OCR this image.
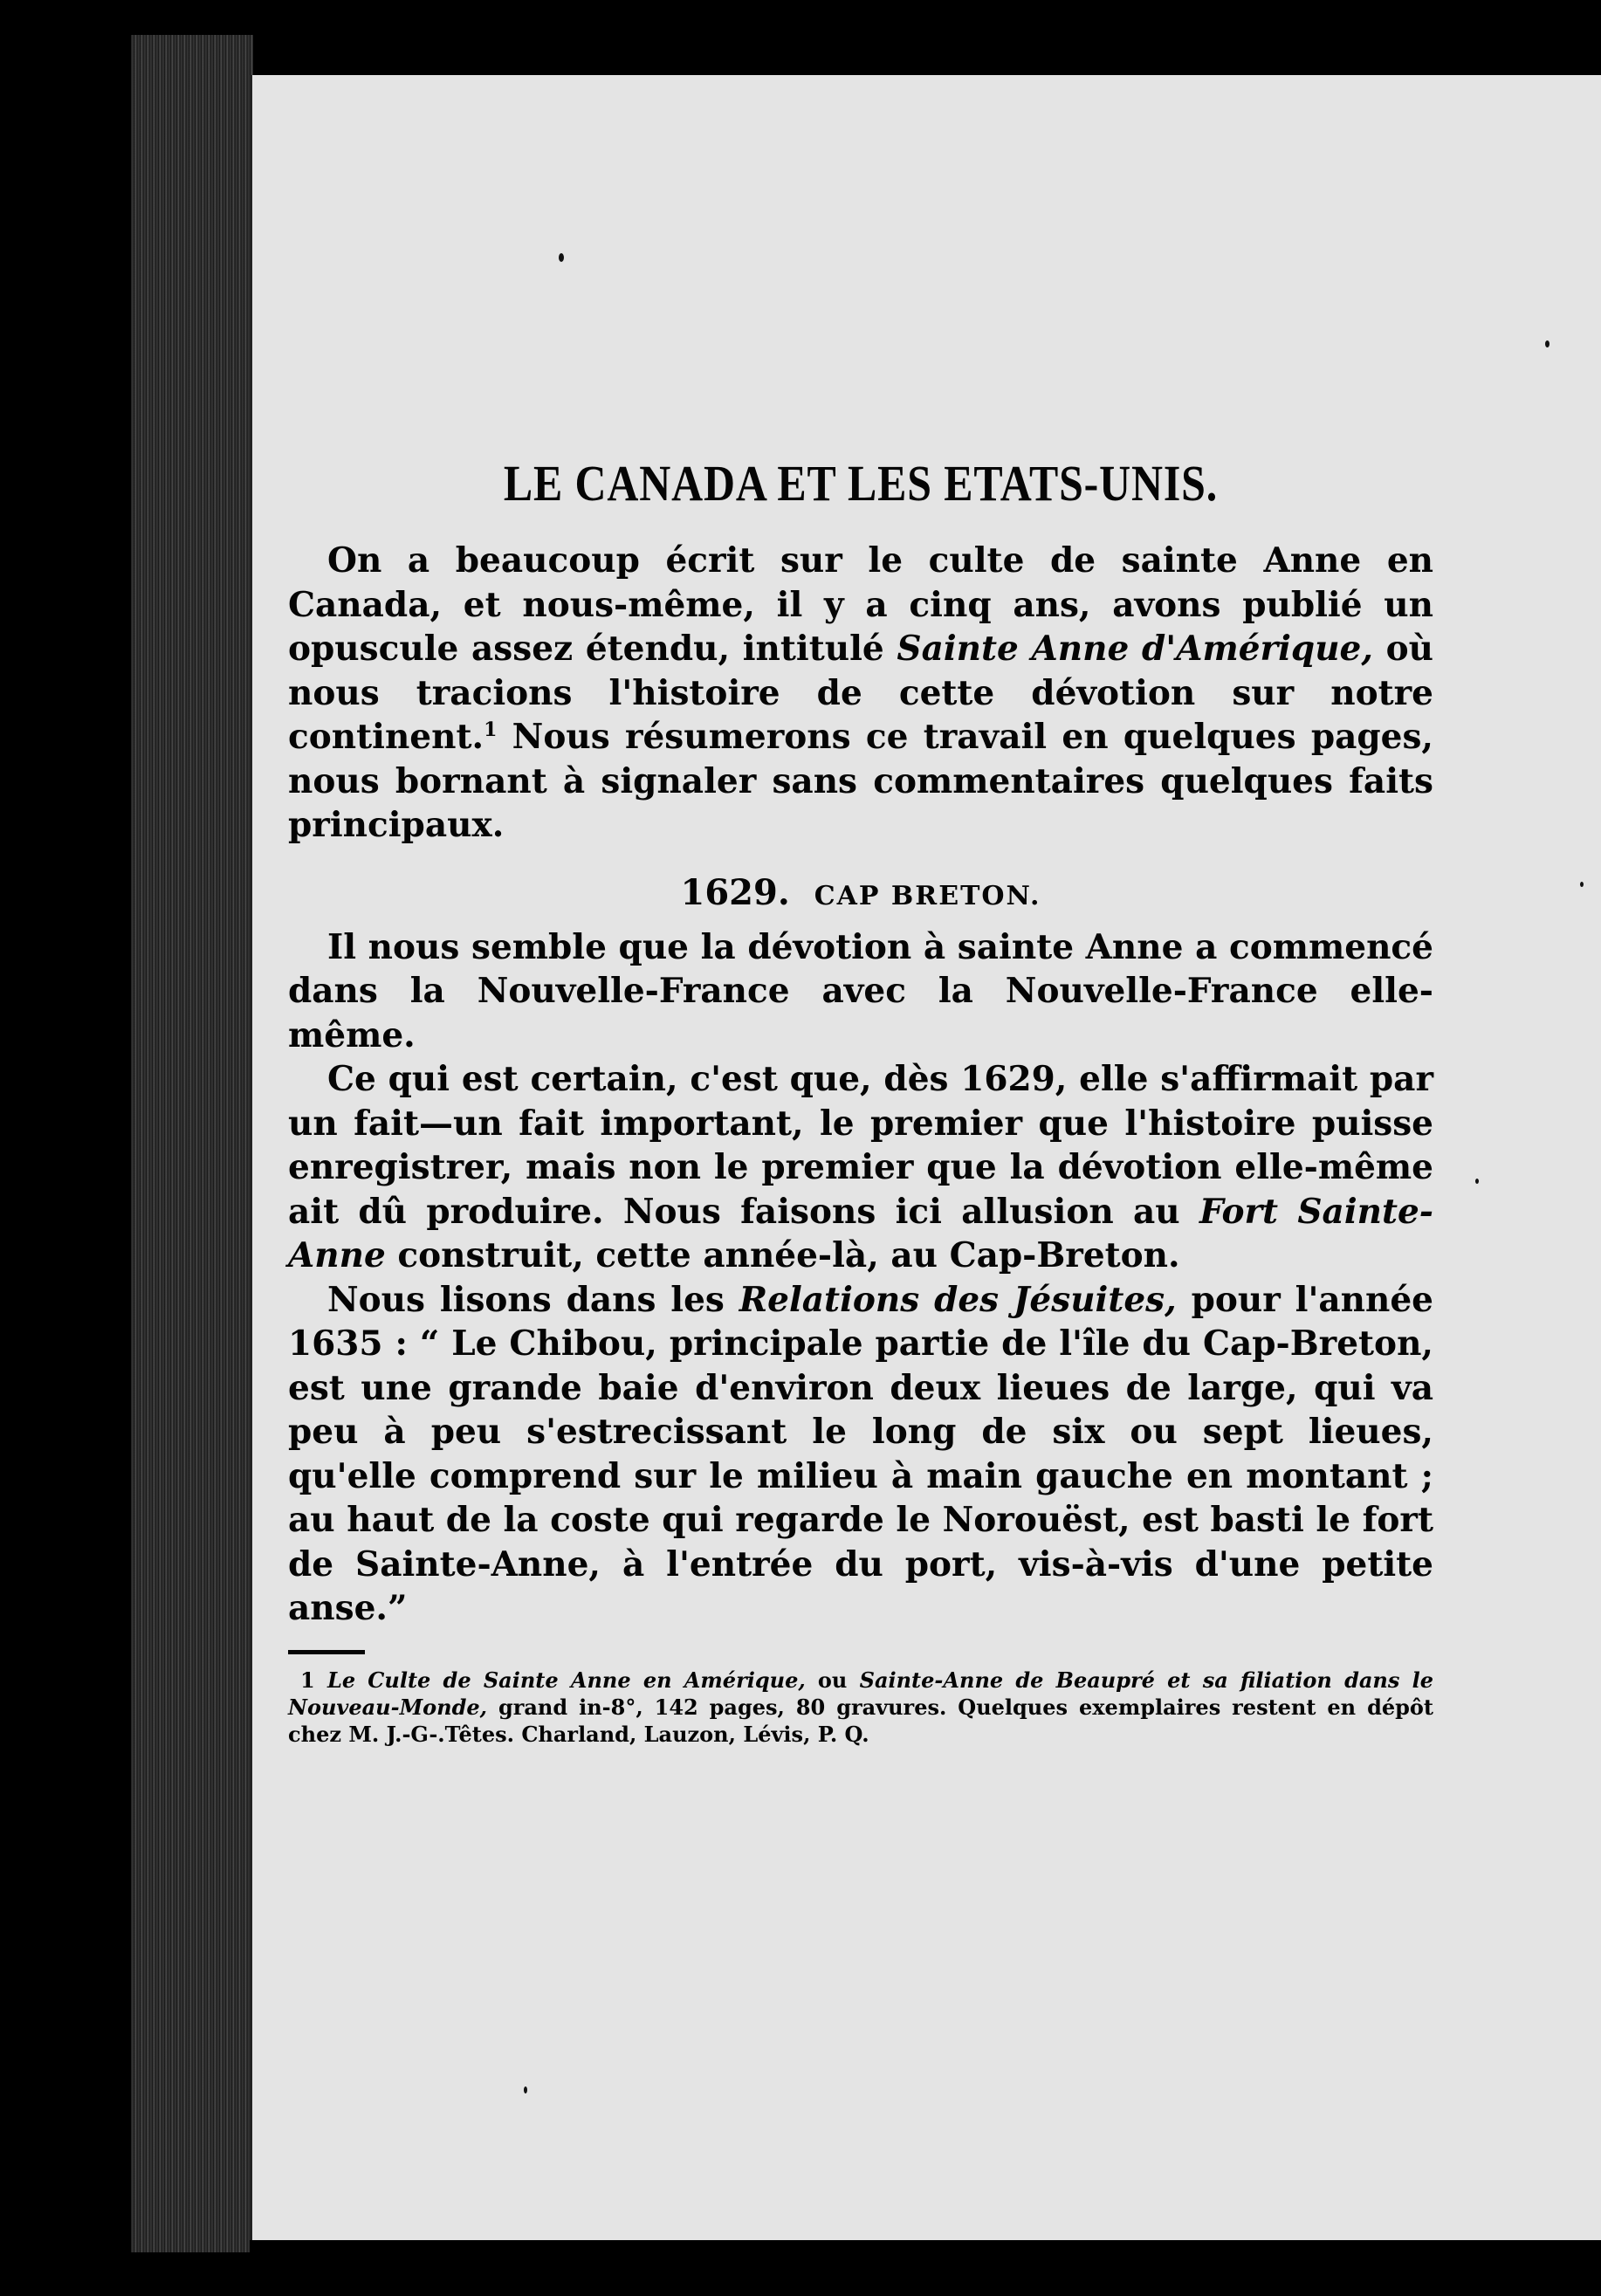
LE CANADA ET LES ETATS-UNIS.

On a beaucoup écrit sur le culte de sainte Anne en Canada, et nous-même, il y a cinq ans, avons publié un opuscule assez étendu, intitulé Sainte Anne d'Amérique, où nous tracions l'histoire de cette dévotion sur notre continent.$^1$ Nous résumerons ce travail en quelques pages, nous bornant à signaler sans commentaires quelques faits principaux.

1629. CAP BRETON.

Il nous semble que la dévotion à sainte Anne a commencé dans la Nouvelle-France avec la Nouvelle-France elle-même.

Ce qui est certain, c'est que, dès 1629, elle s'affirmait par un fait—un fait important, le premier que l'histoire puisse enregistrer, mais non le premier que la dévotion elle-même ait dû produire. Nous faisons ici allusion au Fort Sainte-Anne construit, cette année-là, au Cap-Breton.

Nous lisons dans les Relations des Jésuites, pour l'année 1635 : “ Le Chibou, principale partie de l'île du Cap-Breton, est une grande baie d'environ deux lieues de large, qui va peu à peu s'estrecissant le long de six ou sept lieues, qu'elle comprend sur le milieu à main gauche en montant ; au haut de la coste qui regarde le Norouëst, est basti le fort de Sainte-Anne, à l'entrée du port, vis-à-vis d'une petite anse.”

1 Le Culte de Sainte Anne en Amérique, ou Sainte-Anne de Beaupré et sa filiation dans le Nouveau-Monde, grand in-8°, 142 pages, 80 gravures. Quelques exemplaires restent en dépôt chez M. J.-G-.Têtes. Charland, Lauzon, Lévis, P. Q.
